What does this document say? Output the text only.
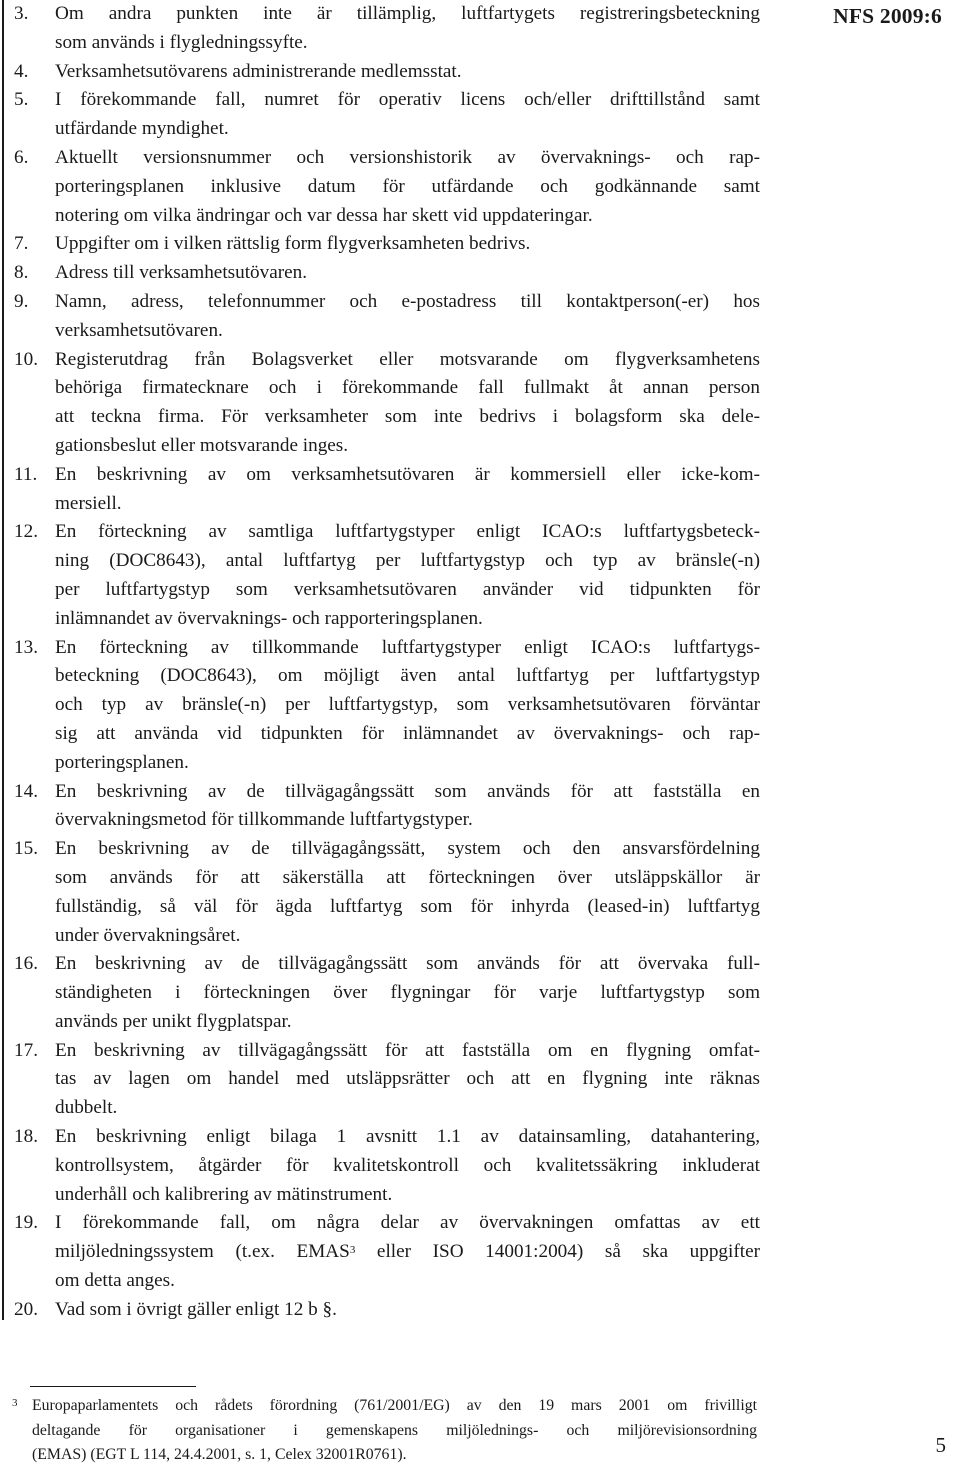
NFS 2009:6
3. Om andra punkten inte är tillämplig, luftfartygets registreringsbeteckning
som används i flygledningssyfte.
4. Verksamhetsutövarens administrerande medlemsstat.
5. I förekommande fall, numret för operativ licens och/eller drifttillstånd samt
utfärdande myndighet.
6. Aktuellt versionsnummer och versionshistorik av övervaknings- och rap-
porteringsplanen inklusive datum för utfärdande och godkännande samt
notering om vilka ändringar och var dessa har skett vid uppdateringar.
7. Uppgifter om i vilken rättslig form flygverksamheten bedrivs.
8. Adress till verksamhetsutövaren.
9. Namn, adress, telefonnummer och e-postadress till kontaktperson(-er) hos
verksamhetsutövaren.
10. Registerutdrag från Bolagsverket eller motsvarande om flygverksamhetens
behöriga firmatecknare och i förekommande fall fullmakt åt annan person
att teckna firma. För verksamheter som inte bedrivs i bolagsform ska dele-
gationsbeslut eller motsvarande inges.
11. En beskrivning av om verksamhetsutövaren är kommersiell eller icke-kom-
mersiell.
12. En förteckning av samtliga luftfartygstyper enligt ICAO:s luftfartygsbeteck-
ning (DOC8643), antal luftfartyg per luftfartygstyp och typ av bränsle(-n)
per luftfartygstyp som verksamhetsutövaren använder vid tidpunkten för
inlämnandet av övervaknings- och rapporteringsplanen.
13. En förteckning av tillkommande luftfartygstyper enligt ICAO:s luftfartygs-
beteckning (DOC8643), om möjligt även antal luftfartyg per luftfartygstyp
och typ av bränsle(-n) per luftfartygstyp, som verksamhetsutövaren förväntar
sig att använda vid tidpunkten för inlämnandet av övervaknings- och rap-
porteringsplanen.
14. En beskrivning av de tillvägagångssätt som används för att fastställa en
övervakningsmetod för tillkommande luftfartygstyper.
15. En beskrivning av de tillvägagångssätt, system och den ansvarsfördelning
som används för att säkerställa att förteckningen över utsläppskällor är
fullständig, så väl för ägda luftfartyg som för inhyrda (leased-in) luftfartyg
under övervakningsåret.
16. En beskrivning av de tillvägagångssätt som används för att övervaka full-
ständigheten i förteckningen över flygningar för varje luftfartygstyp som
används per unikt flygplatspar.
17. En beskrivning av tillvägagångssätt för att fastställa om en flygning omfat-
tas av lagen om handel med utsläppsrätter och att en flygning inte räknas
dubbelt.
18. En beskrivning enligt bilaga 1 avsnitt 1.1 av datainsamling, datahantering,
kontrollsystem, åtgärder för kvalitetskontroll och kvalitetssäkring inkluderat
underhåll och kalibrering av mätinstrument.
19. I förekommande fall, om några delar av övervakningen omfattas av ett
miljöledningssystem (t.ex. EMAS$^3$ eller ISO 14001:2004) så ska uppgifter
om detta anges.
20. Vad som i övrigt gäller enligt 12 b §.
3 Europaparlamentets och rådets förordning (761/2001/EG) av den 19 mars 2001 om frivilligt
deltagande för organisationer i gemenskapens miljölednings- och miljörevisionsordning
(EMAS) (EGT L 114, 24.4.2001, s. 1, Celex 32001R0761).	5
